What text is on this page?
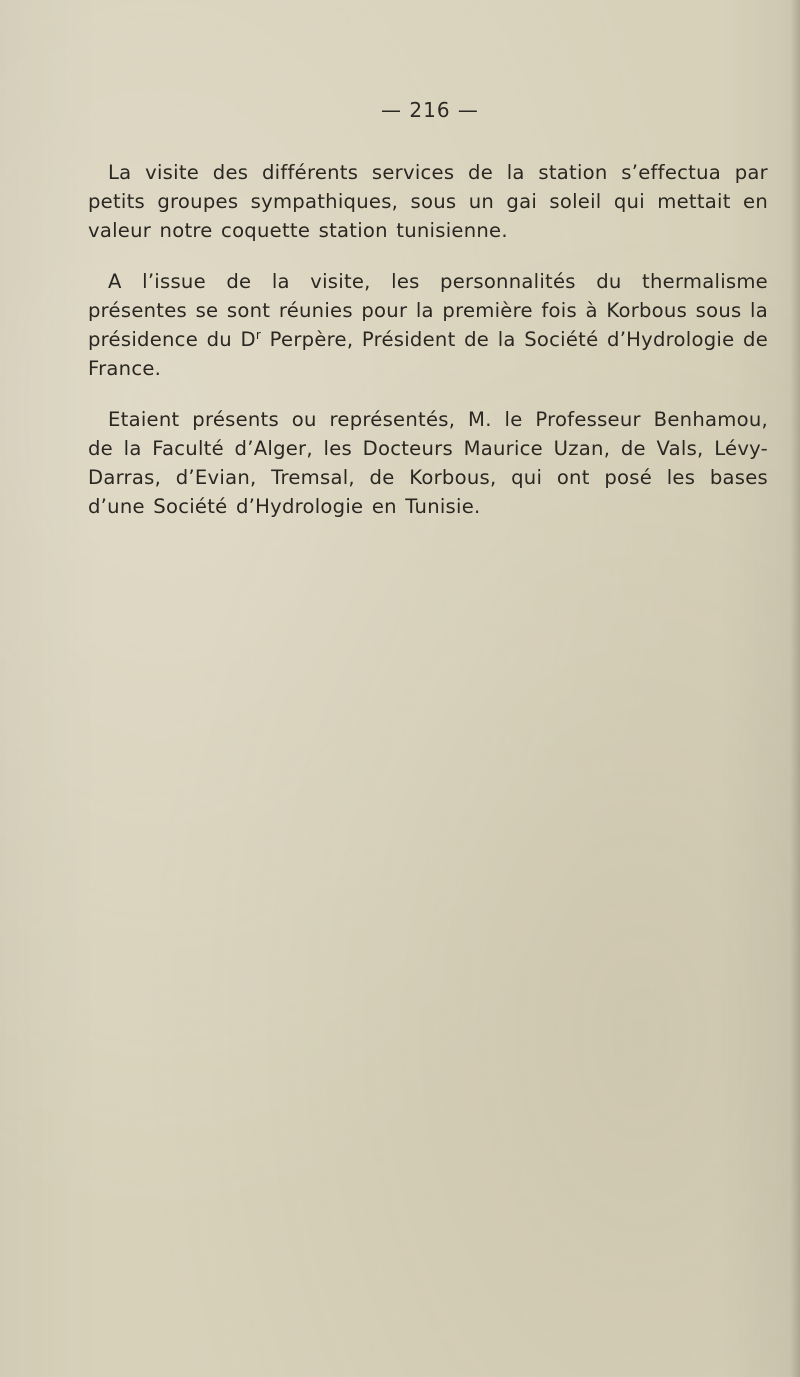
— 216 —

La visite des différents services de la station s’effectua par petits groupes sympathiques, sous un gai soleil qui mettait en valeur notre coquette station tunisienne.

A l’issue de la visite, les personnalités du thermalisme présentes se sont réunies pour la première fois à Korbous sous la présidence du $D^r$ Perpère, Président de la Société d’Hydrologie de France.

Etaient présents ou représentés, M. le Professeur Benhamou, de la Faculté d’Alger, les Docteurs Maurice Uzan, de Vals, Lévy-Darras, d’Evian, Tremsal, de Korbous, qui ont posé les bases d’une Société d’Hydrologie en Tunisie.
